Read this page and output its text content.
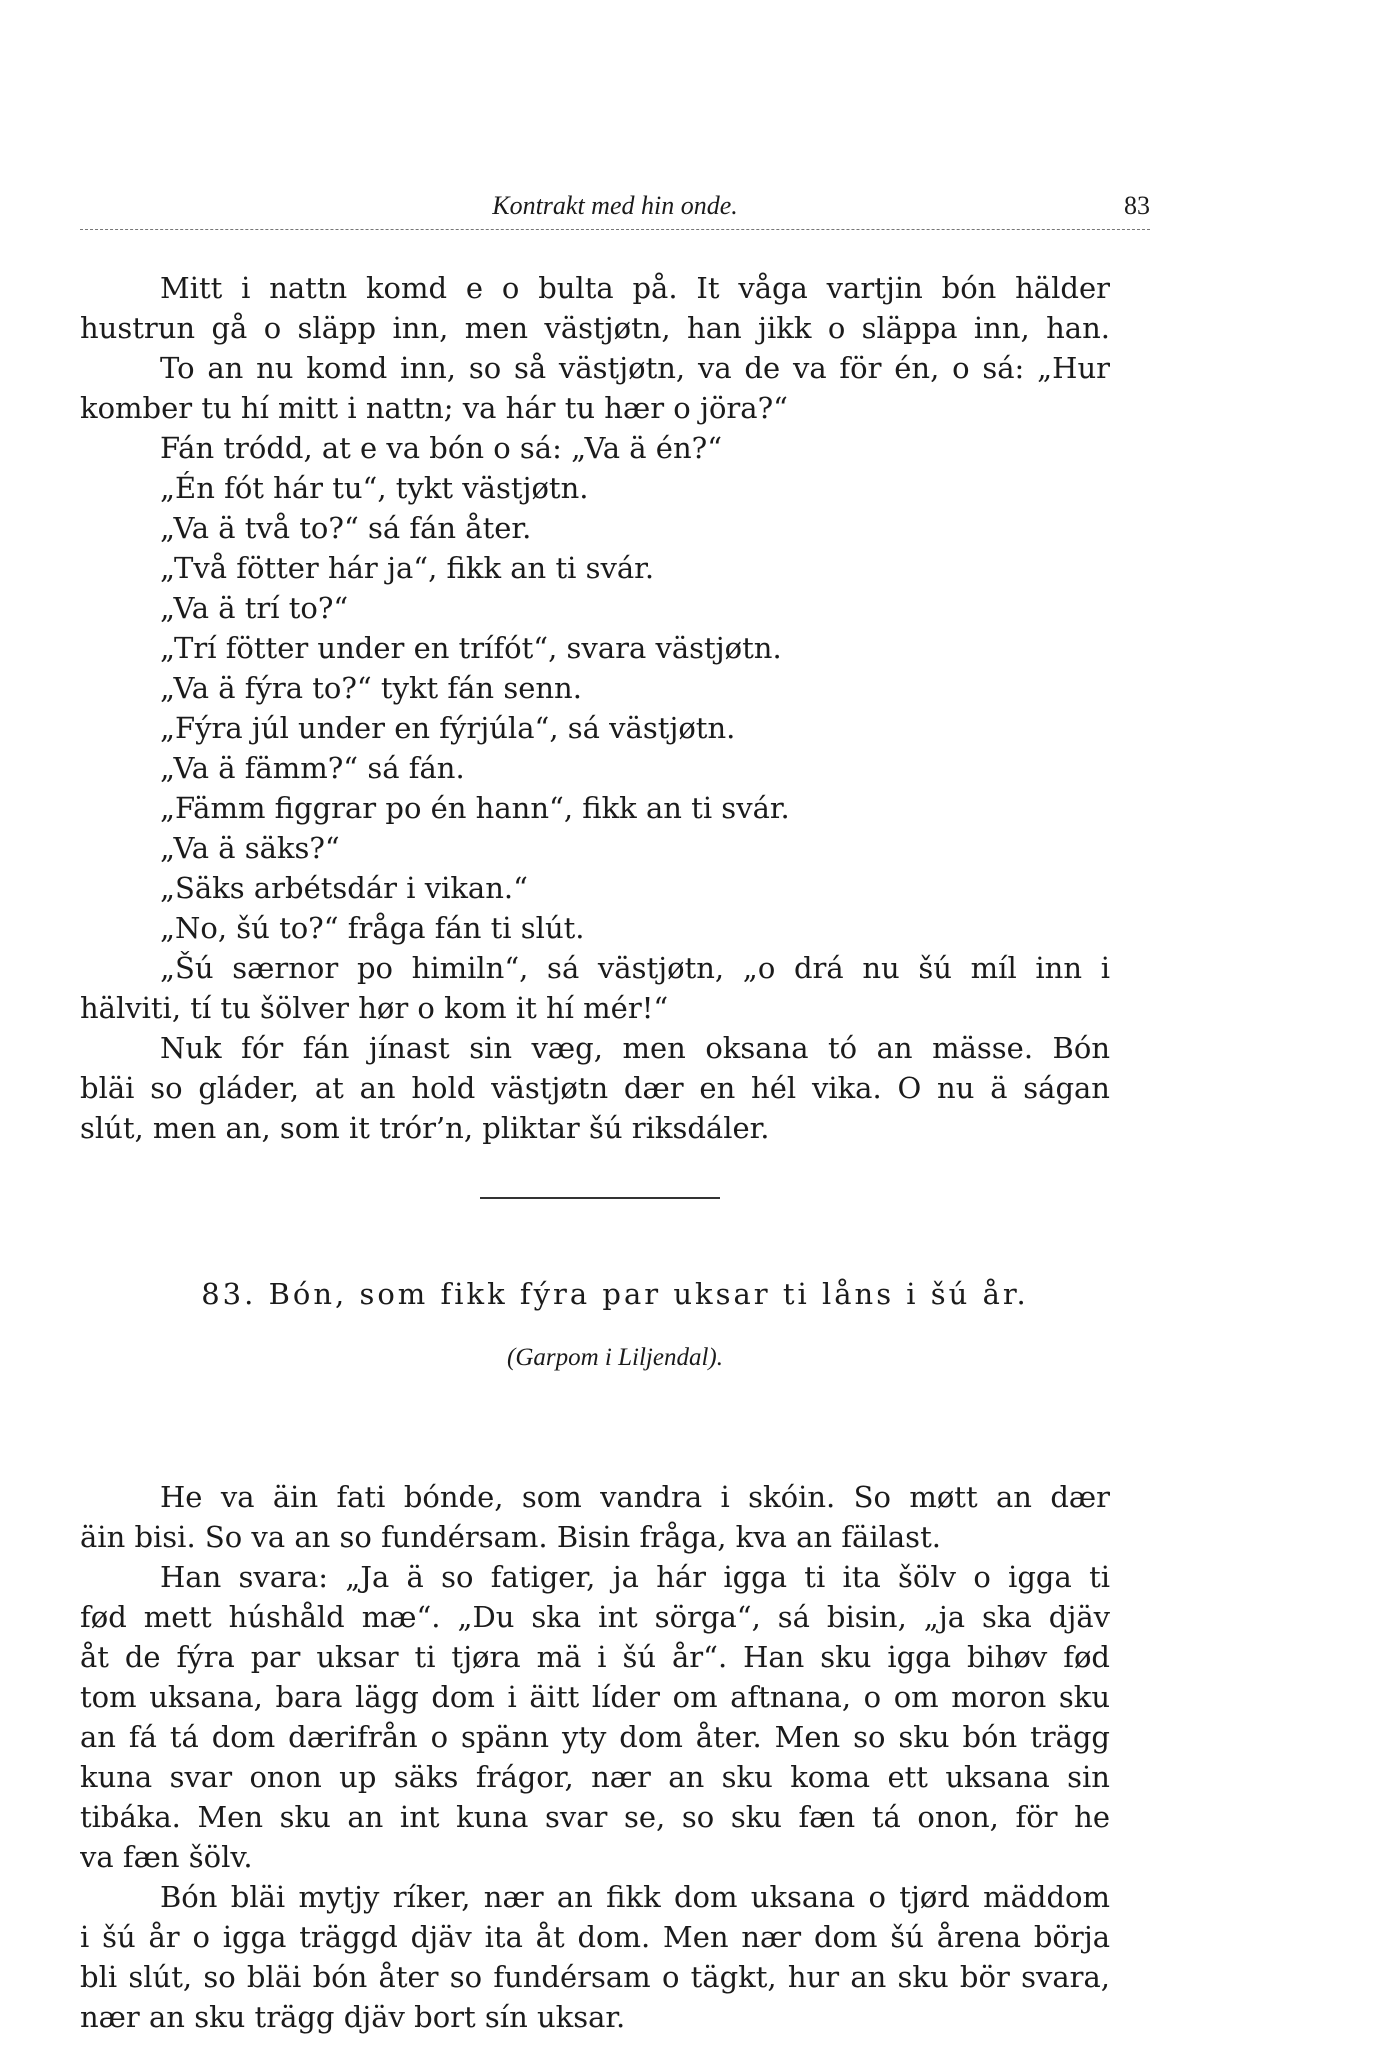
Kontrakt med hin onde.	83

Mitt i nattn komd e o bulta på. It våga vartjin bón hälder

hustrun gå o släpp inn, men västjøtn, han jikk o släppa inn, han.

To an nu komd inn, so så västjøtn, va de va för én, o sá: „Hur

komber tu hí mitt i nattn; va hár tu hær o jöra?“

Fán tródd, at e va bón o sá: „Va ä én?“

„Én fót hár tu“, tykt västjøtn.

„Va ä två to?“ sá fán åter.

„Två fötter hár ja“, fikk an ti svár.

„Va ä trí to?“

„Trí fötter under en trífót“, svara västjøtn.

„Va ä fýra to?“ tykt fán senn.

„Fýra júl under en fýrjúla“, sá västjøtn.

„Va ä fämm?“ sá fán.

„Fämm figgrar po én hann“, fikk an ti svár.

„Va ä säks?“

„Säks arbétsdár i vikan.“

„No, šú to?“ fråga fán ti slút.

„Šú særnor po himiln“, sá västjøtn, „o drá nu šú míl inn i

hälviti, tí tu šölver hør o kom it hí mér!“

Nuk fór fán jínast sin væg, men oksana tó an mässe. Bón

bläi so gláder, at an hold västjøtn dær en hél vika. O nu ä ságan

slút, men an, som it trór’n, pliktar šú riksdáler.

83. Bón, som fikk fýra par uksar ti låns i šú år.
(Garpom i Liljendal).

He va äin fati bónde, som vandra i skóin. So møtt an dær

äin bisi. So va an so fundérsam. Bisin fråga, kva an fäilast.

Han svara: „Ja ä so fatiger, ja hár igga ti ita šölv o igga ti

fød mett húshåld mæ“. „Du ska int sörga“, sá bisin, „ja ska djäv

åt de fýra par uksar ti tjøra mä i šú år“. Han sku igga bihøv fød

tom uksana, bara lägg dom i äitt líder om aftnana, o om moron sku

an fá tá dom dærifrån o spänn yty dom åter. Men so sku bón trägg

kuna svar onon up säks frágor, nær an sku koma ett uksana sin

tibáka. Men sku an int kuna svar se, so sku fæn tá onon, för he

va fæn šölv.

Bón bläi mytjy ríker, nær an fikk dom uksana o tjørd mäddom

i šú år o igga träggd djäv ita åt dom. Men nær dom šú årena börja

bli slút, so bläi bón åter so fundérsam o tägkt, hur an sku bör svara,

nær an sku trägg djäv bort sín uksar.
